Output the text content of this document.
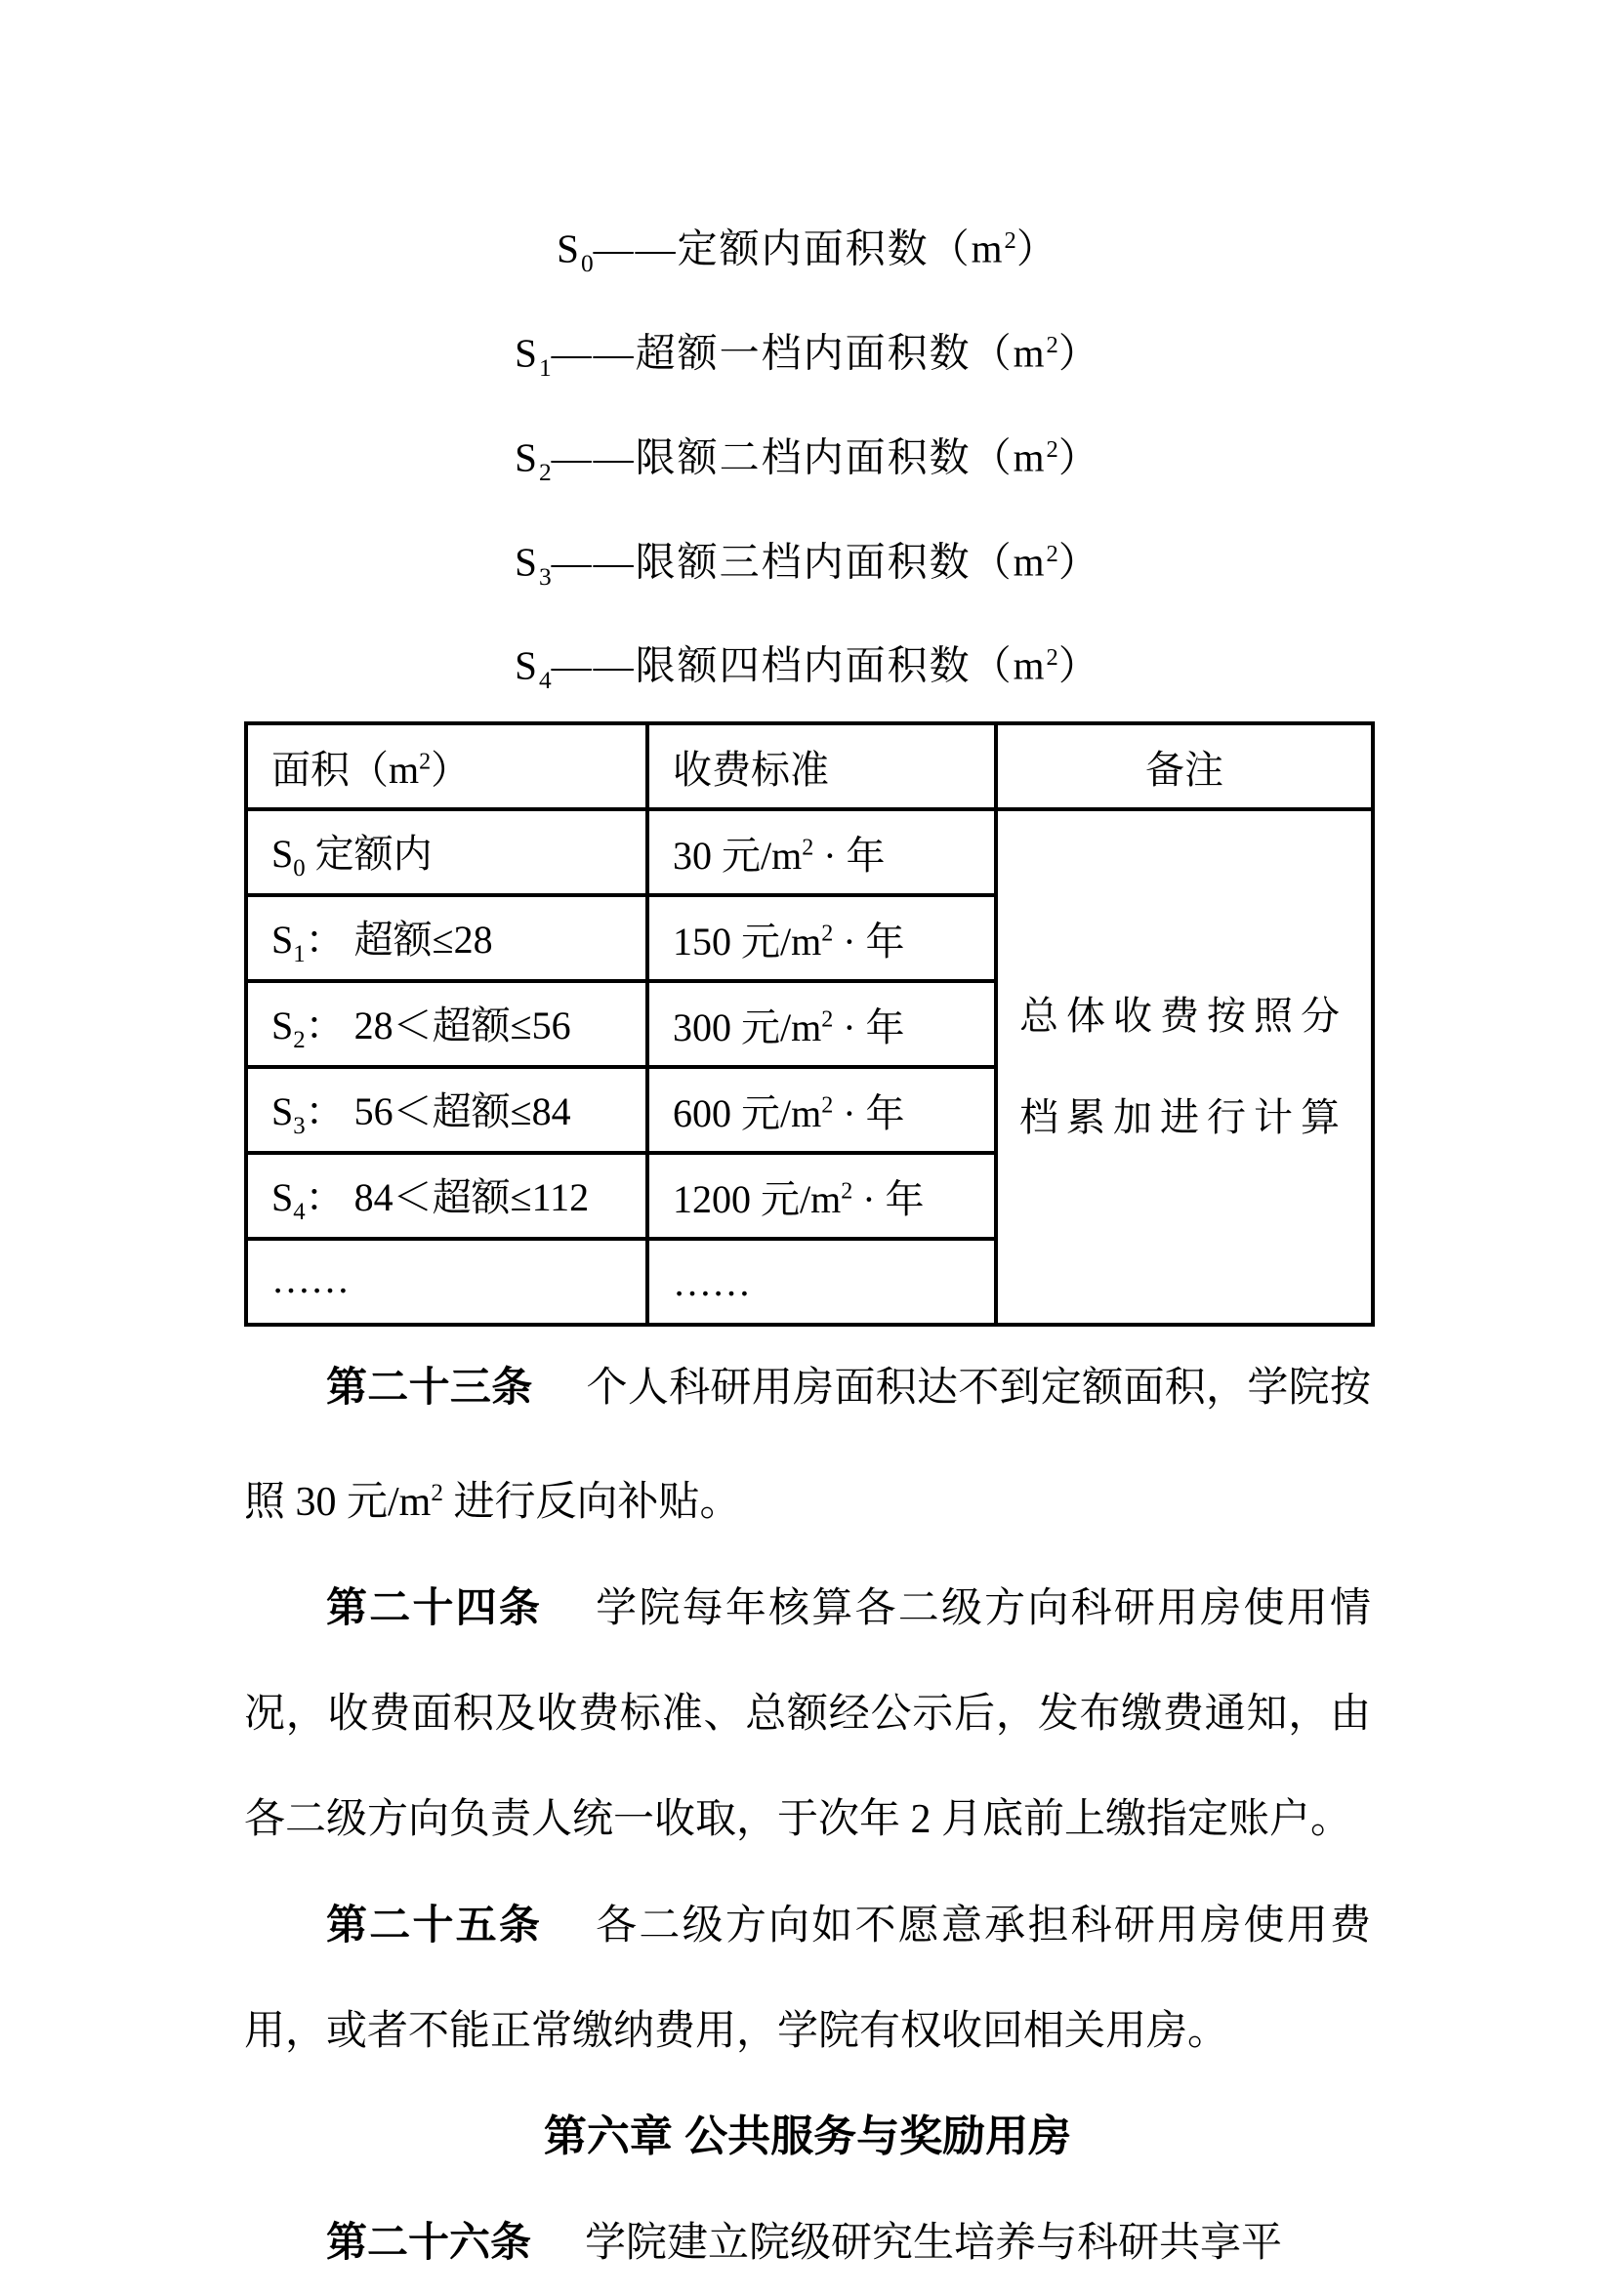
$S_0——$定额内面积数$(m^2)$

$S_1——$超额一档内面积数$(m^2)$

$S_2——$限额二档内面积数$(m^2)$

$S_3——$限额三档内面积数$(m^2)$

$S_4——$限额四档内面积数$(m^2)$

面积$(m^2)$	收费标准	备注
$S_0$ 定额内	30 元$/m^2$ · 年	总体收费按照分档累加进行计算
$S_1$： 超额≤28	150 元$/m^2$ · 年	
$S_2$： 28＜超额≤56	300 元$/m^2$ · 年	
$S_3$： 56＜超额≤84	600 元$/m^2$ · 年	
$S_4$： 84＜超额≤112	1200 元$/m^2$ · 年	
……	……	

第二十三条 个人科研用房面积达不到定额面积，学院按照 30 元$/m^2$ 进行反向补贴。

第二十四条 学院每年核算各二级方向科研用房使用情况，收费面积及收费标准、总额经公示后，发布缴费通知，由各二级方向负责人统一收取，于次年 2 月底前上缴指定账户。

第二十五条 各二级方向如不愿意承担科研用房使用费用，或者不能正常缴纳费用，学院有权收回相关用房。

第六章 公共服务与奖励用房

第二十六条 学院建立院级研究生培养与科研共享平
